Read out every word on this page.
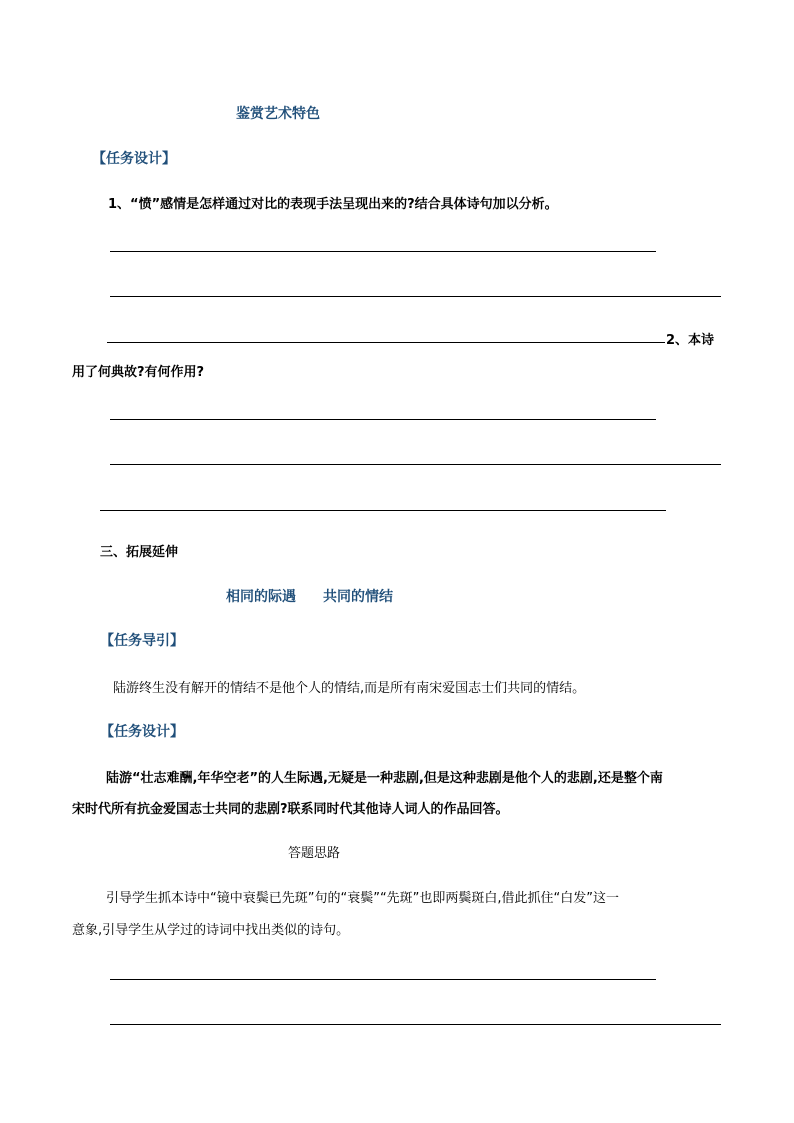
鉴赏艺术特色
【任务设计】
1、“愤”感情是怎样通过对比的表现手法呈现出来的?结合具体诗句加以分析。
2、本诗
用了何典故?有何作用?
三、拓展延伸
相同的际遇 共同的情结
【任务导引】
陆游终生没有解开的情结不是他个人的情结,而是所有南宋爱国志士们共同的情结。
【任务设计】
陆游“壮志难酬,年华空老”的人生际遇,无疑是一种悲剧,但是这种悲剧是他个人的悲剧,还是整个南
宋时代所有抗金爱国志士共同的悲剧?联系同时代其他诗人词人的作品回答。
答题思路
引导学生抓本诗中“镜中衰鬓已先斑”句的“衰鬓”“先斑”也即两鬓斑白,借此抓住“白发”这一
意象,引导学生从学过的诗词中找出类似的诗句。
